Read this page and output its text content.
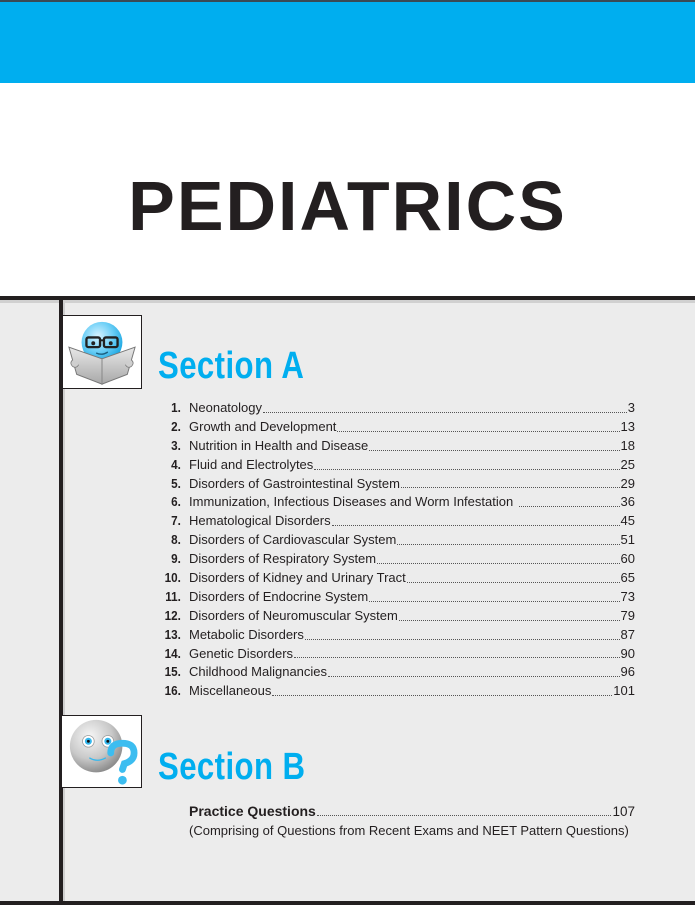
PEDIATRICS
Section A
1. Neonatology	3
2. Growth and Development	13
3. Nutrition in Health and Disease	18
4. Fluid and Electrolytes	25
5. Disorders of Gastrointestinal System	29
6. Immunization, Infectious Diseases and Worm Infestation	36
7. Hematological Disorders	45
8. Disorders of Cardiovascular System	51
9. Disorders of Respiratory System	60
10. Disorders of Kidney and Urinary Tract	65
11. Disorders of Endocrine System	73
12. Disorders of Neuromuscular System	79
13. Metabolic Disorders	87
14. Genetic Disorders	90
15. Childhood Malignancies	96
16. Miscellaneous	101
Section B
Practice Questions	107
(Comprising of Questions from Recent Exams and NEET Pattern Questions)
